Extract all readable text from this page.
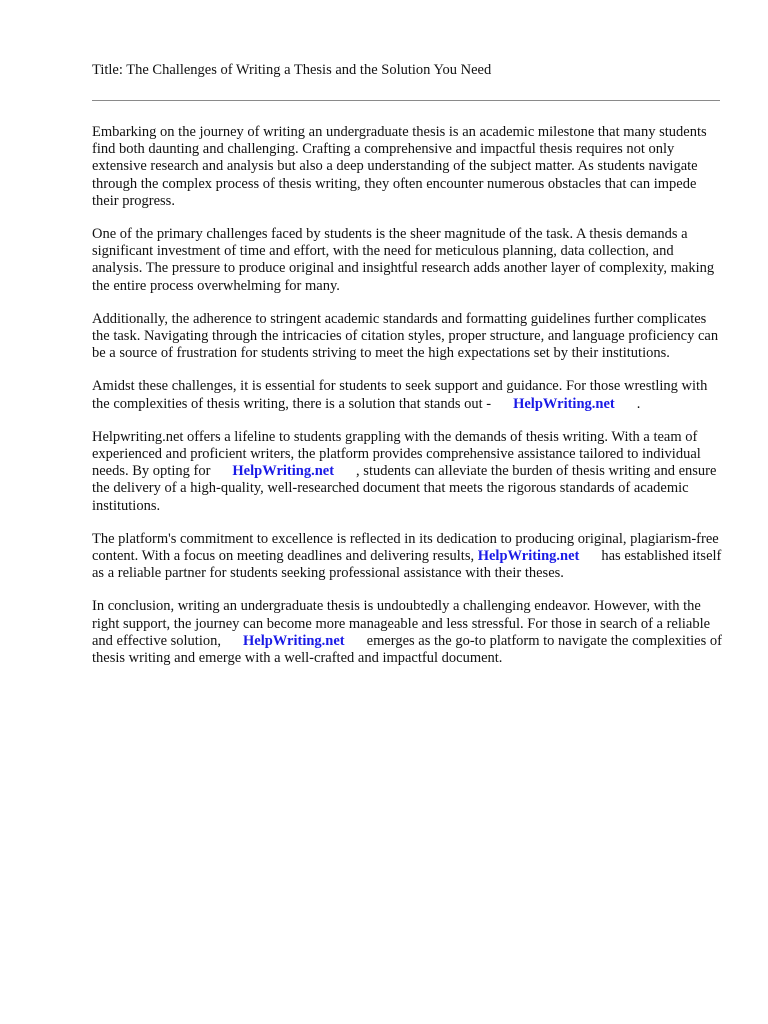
Title: The Challenges of Writing a Thesis and the Solution You Need

Embarking on the journey of writing an undergraduate thesis is an academic milestone that many students find both daunting and challenging. Crafting a comprehensive and impactful thesis requires not only extensive research and analysis but also a deep understanding of the subject matter. As students navigate through the complex process of thesis writing, they often encounter numerous obstacles that can impede their progress.

One of the primary challenges faced by students is the sheer magnitude of the task. A thesis demands a significant investment of time and effort, with the need for meticulous planning, data collection, and analysis. The pressure to produce original and insightful research adds another layer of complexity, making the entire process overwhelming for many.

Additionally, the adherence to stringent academic standards and formatting guidelines further complicates the task. Navigating through the intricacies of citation styles, proper structure, and language proficiency can be a source of frustration for students striving to meet the high expectations set by their institutions.

Amidst these challenges, it is essential for students to seek support and guidance. For those wrestling with the complexities of thesis writing, there is a solution that stands out - HelpWriting.net .

Helpwriting.net offers a lifeline to students grappling with the demands of thesis writing. With a team of experienced and proficient writers, the platform provides comprehensive assistance tailored to individual needs. By opting for HelpWriting.net , students can alleviate the burden of thesis writing and ensure the delivery of a high-quality, well-researched document that meets the rigorous standards of academic institutions.

The platform's commitment to excellence is reflected in its dedication to producing original, plagiarism-free content. With a focus on meeting deadlines and delivering results, HelpWriting.net has established itself as a reliable partner for students seeking professional assistance with their theses.

In conclusion, writing an undergraduate thesis is undoubtedly a challenging endeavor. However, with the right support, the journey can become more manageable and less stressful. For those in search of a reliable and effective solution, HelpWriting.net emerges as the go-to platform to navigate the complexities of thesis writing and emerge with a well-crafted and impactful document.
